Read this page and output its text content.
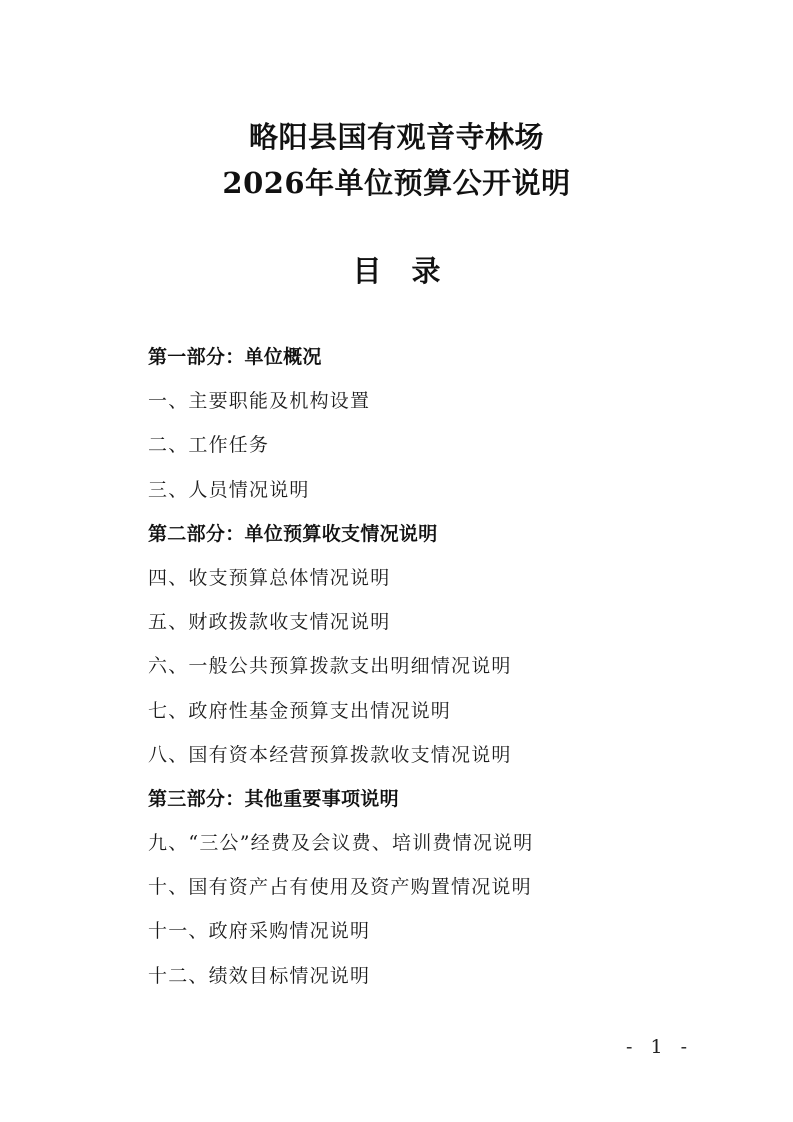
略阳县国有观音寺林场
2026年单位预算公开说明
目 录
第一部分：单位概况
一、主要职能及机构设置
二、工作任务
三、人员情况说明
第二部分：单位预算收支情况说明
四、收支预算总体情况说明
五、财政拨款收支情况说明
六、一般公共预算拨款支出明细情况说明
七、政府性基金预算支出情况说明
八、国有资本经营预算拨款收支情况说明
第三部分：其他重要事项说明
九、“三公”经费及会议费、培训费情况说明
十、国有资产占有使用及资产购置情况说明
十一、政府采购情况说明
十二、绩效目标情况说明
- 1 -
